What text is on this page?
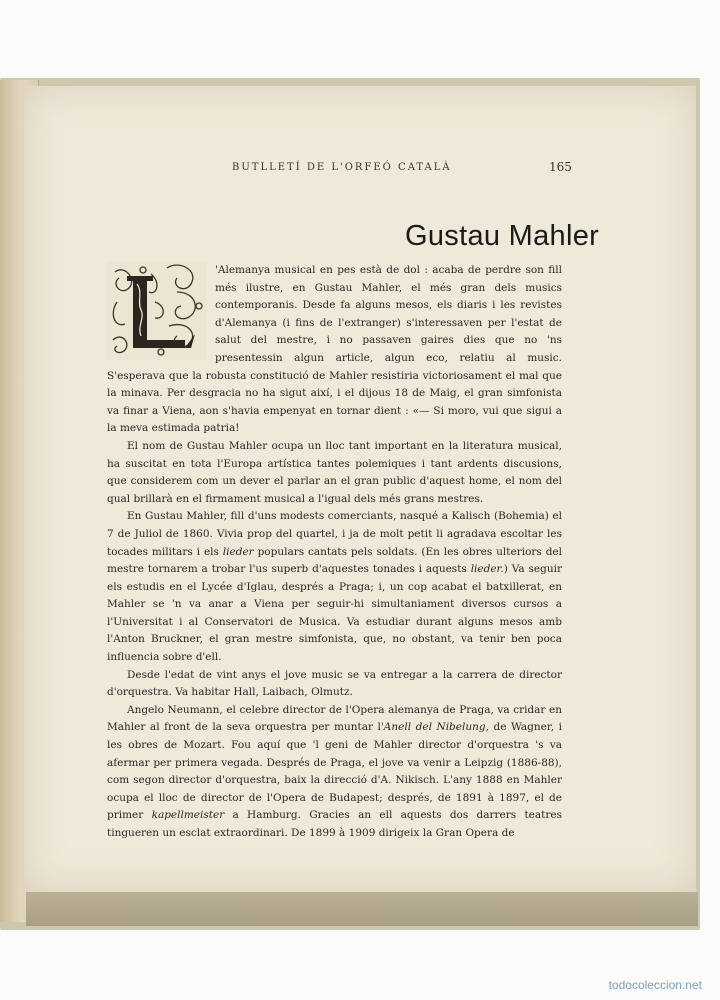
BUTLLETÍ DE L'ORFEÓ CATALÀ	165
Gustau Mahler

'Alemanya musical en pes està de dol : acaba de perdre son fill més ilustre, en Gustau Mahler, el més gran dels musics contemporanis. Desde fa alguns mesos, els diaris i les revistes d'Alemanya (i fins de l'extranger) s'interessaven per l'estat de salut del mestre, i no passaven gaires dies que no 'ns presentessin algun article, algun eco, relatiu al music. S'esperava que la robusta constitució de Mahler resistiria victoriosament el mal que la minava. Per desgracia no ha sigut així, i el dijous 18 de Maig, el gran simfonista va finar a Viena, aon s'havia empenyat en tornar dient : «— Si moro, vui que sigui a la meva estimada patria!

El nom de Gustau Mahler ocupa un lloc tant important en la literatura musical, ha suscitat en tota l'Europa artística tantes polemiques i tant ardents discusions, que considerem com un dever el parlar an el gran public d'aquest home, el nom del qual brillarà en el firmament musical a l'igual dels més grans mestres.

En Gustau Mahler, fill d'uns modests comerciants, nasqué a Kalisch (Bohemia) el 7 de Juliol de 1860. Vivia prop del quartel, i ja de molt petit li agradava escoltar les tocades militars i els lieder populars cantats pels soldats. (En les obres ulteriors del mestre tornarem a trobar l'us superb d'aquestes tonades i aquests lieder.) Va seguir els estudis en el Lycée d'Iglau, després a Praga; i, un cop acabat el batxillerat, en Mahler se 'n va anar a Viena per seguir-hi simultaniament diversos cursos a l'Universitat i al Conservatori de Musica. Va estudiar durant alguns mesos amb l'Anton Bruckner, el gran mestre simfonista, que, no obstant, va tenir ben poca influencia sobre d'ell.

Desde l'edat de vint anys el jove music se va entregar a la carrera de director d'orquestra. Va habitar Hall, Laibach, Olmutz.

Angelo Neumann, el celebre director de l'Opera alemanya de Praga, va cridar en Mahler al front de la seva orquestra per muntar l'Anell del Nibelung, de Wagner, i les obres de Mozart. Fou aquí que 'l geni de Mahler director d'orquestra 's va afermar per primera vegada. Després de Praga, el jove va venir a Leipzig (1886-88), com segon director d'orquestra, baix la direcció d'A. Nikisch. L'any 1888 en Mahler ocupa el lloc de director de l'Opera de Budapest; després, de 1891 à 1897, el de primer kapellmeister a Hamburg. Gracies an ell aquests dos darrers teatres tingueren un esclat extraordinari. De 1899 à 1909 dirigeix la Gran Opera de

todocoleccion.net
